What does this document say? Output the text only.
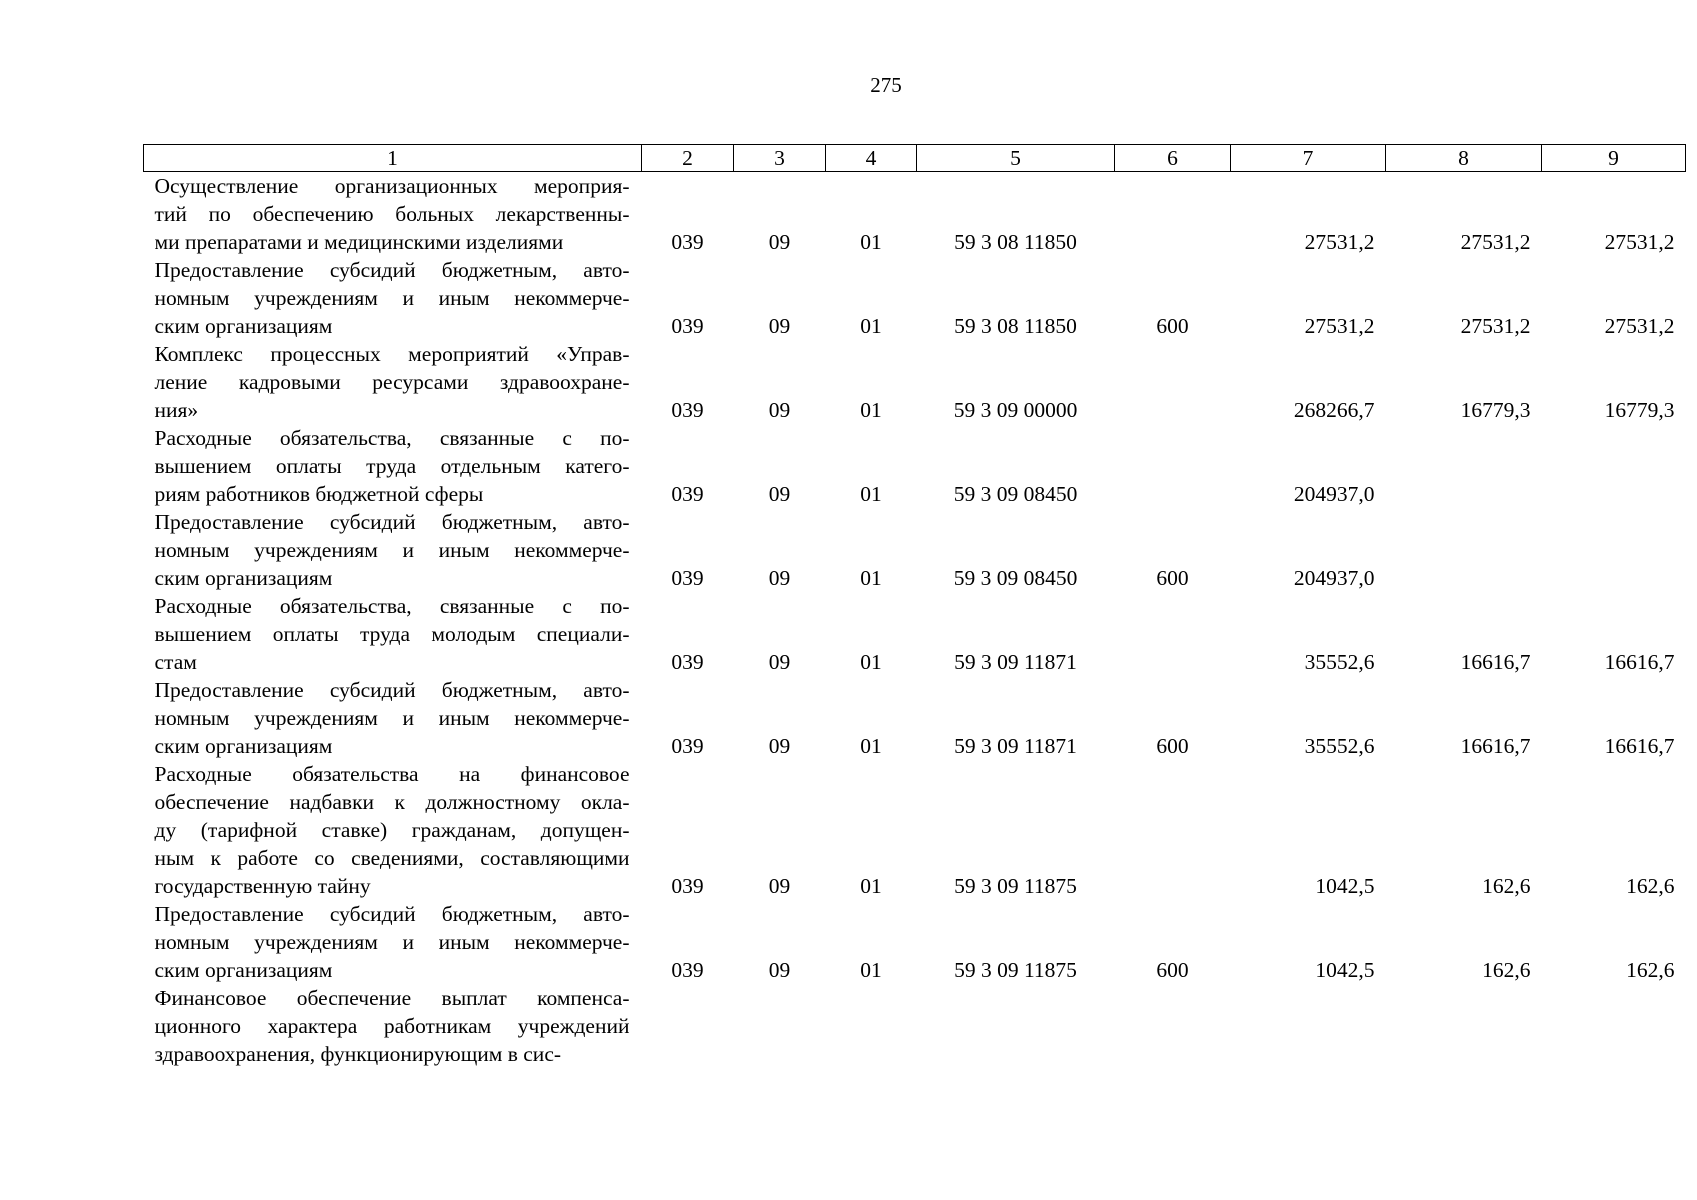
275
1	2	3	4	5	6	7	8	9

Осуществление организационных мероприя-
тий по обеспечению больных лекарственны-
ми препаратами и медицинскими изделиями	039	09	01	59 3 08 11850		27531,2	27531,2	27531,2

Предоставление субсидий бюджетным, авто-
номным учреждениям и иным некоммерче-
ским организациям	039	09	01	59 3 08 11850	600	27531,2	27531,2	27531,2

Комплекс процессных мероприятий «Управ-
ление кадровыми ресурсами здравоохране-
ния»	039	09	01	59 3 09 00000		268266,7	16779,3	16779,3

Расходные обязательства, связанные с по-
вышением оплаты труда отдельным катего-
риям работников бюджетной сферы	039	09	01	59 3 09 08450		204937,0		

Предоставление субсидий бюджетным, авто-
номным учреждениям и иным некоммерче-
ским организациям	039	09	01	59 3 09 08450	600	204937,0		

Расходные обязательства, связанные с по-
вышением оплаты труда молодым специали-
стам	039	09	01	59 3 09 11871		35552,6	16616,7	16616,7

Предоставление субсидий бюджетным, авто-
номным учреждениям и иным некоммерче-
ским организациям	039	09	01	59 3 09 11871	600	35552,6	16616,7	16616,7

Расходные обязательства на финансовое
обеспечение надбавки к должностному окла-
ду (тарифной ставке) гражданам, допущен-
ным к работе со сведениями, составляющими
государственную тайну	039	09	01	59 3 09 11875		1042,5	162,6	162,6

Предоставление субсидий бюджетным, авто-
номным учреждениям и иным некоммерче-
ским организациям	039	09	01	59 3 09 11875	600	1042,5	162,6	162,6

Финансовое обеспечение выплат компенса-
ционного характера работникам учреждений
здравоохранения, функционирующим в сис-								
